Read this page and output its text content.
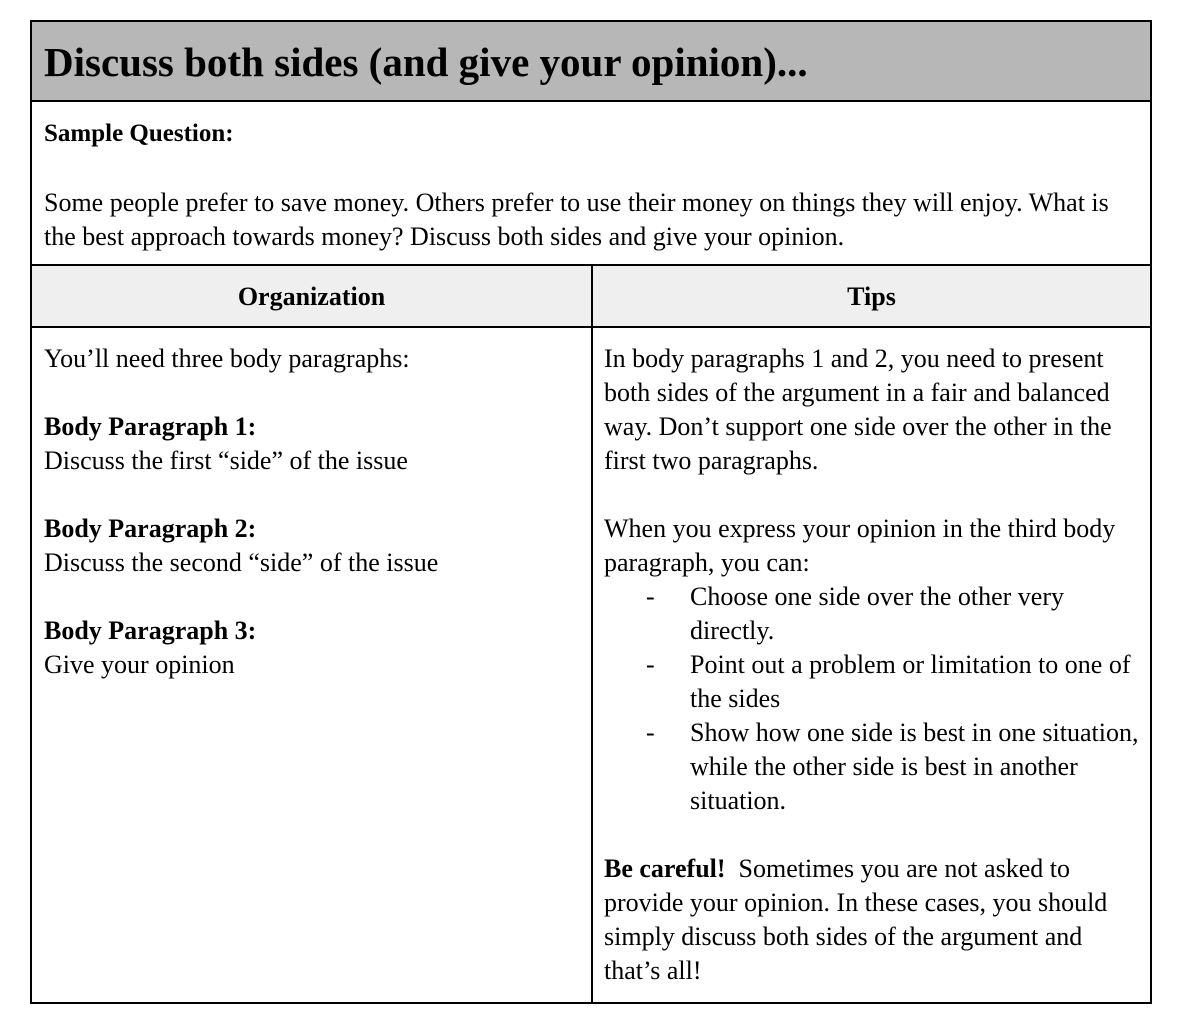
Discuss both sides (and give your opinion)...
Sample Question:
Some people prefer to save money. Others prefer to use their money on things they will enjoy. What is the best approach towards money? Discuss both sides and give your opinion.
Organization	Tips

You’ll need three body paragraphs:

Body Paragraph 1:

Discuss the first “side” of the issue

Body Paragraph 2:

Discuss the second “side” of the issue

Body Paragraph 3:

Give your opinion

In body paragraphs 1 and 2, you need to present both sides of the argument in a fair and balanced way. Don’t support one side over the other in the first two paragraphs.

When you express your opinion in the third body paragraph, you can:

- Choose one side over the other very directly.
- Point out a problem or limitation to one of the sides
- Show how one side is best in one situation, while the other side is best in another situation.

Be careful!  Sometimes you are not asked to provide your opinion. In these cases, you should simply discuss both sides of the argument and that’s all!
